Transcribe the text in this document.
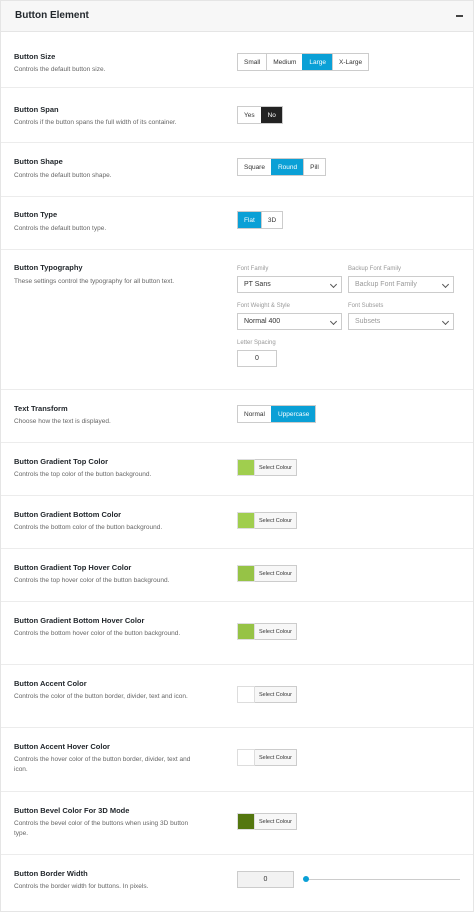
Button Element
Button Size
Controls the default button size.
Small	Medium	Large	X-Large
Button Span
Controls if the button spans the full width of its container.
Yes	No
Button Shape
Controls the default button shape.
Square	Round	Pill
Button Type
Controls the default button type.
Flat	3D
Button Typography
These settings control the typography for all button text.
Font Family
PT Sans
Backup Font Family
Backup Font Family
Font Weight & Style
Normal 400
Font Subsets
Subsets
Letter Spacing
0
Text Transform
Choose how the text is displayed.
Normal	Uppercase
Button Gradient Top Color
Controls the top color of the button background.
Select Colour
Button Gradient Bottom Color
Controls the bottom color of the button background.
Select Colour
Button Gradient Top Hover Color
Controls the top hover color of the button background.
Select Colour
Button Gradient Bottom Hover Color
Controls the bottom hover color of the button background.	Select Colour
Button Accent Color
Controls the color of the button border, divider, text and icon.	Select Colour
Button Accent Hover Color
Controls the hover color of the button border, divider, text and icon.
Select Colour
Button Bevel Color For 3D Mode
Controls the bevel color of the buttons when using 3D button type.
Select Colour
Button Border Width
Controls the border width for buttons. In pixels.
0
